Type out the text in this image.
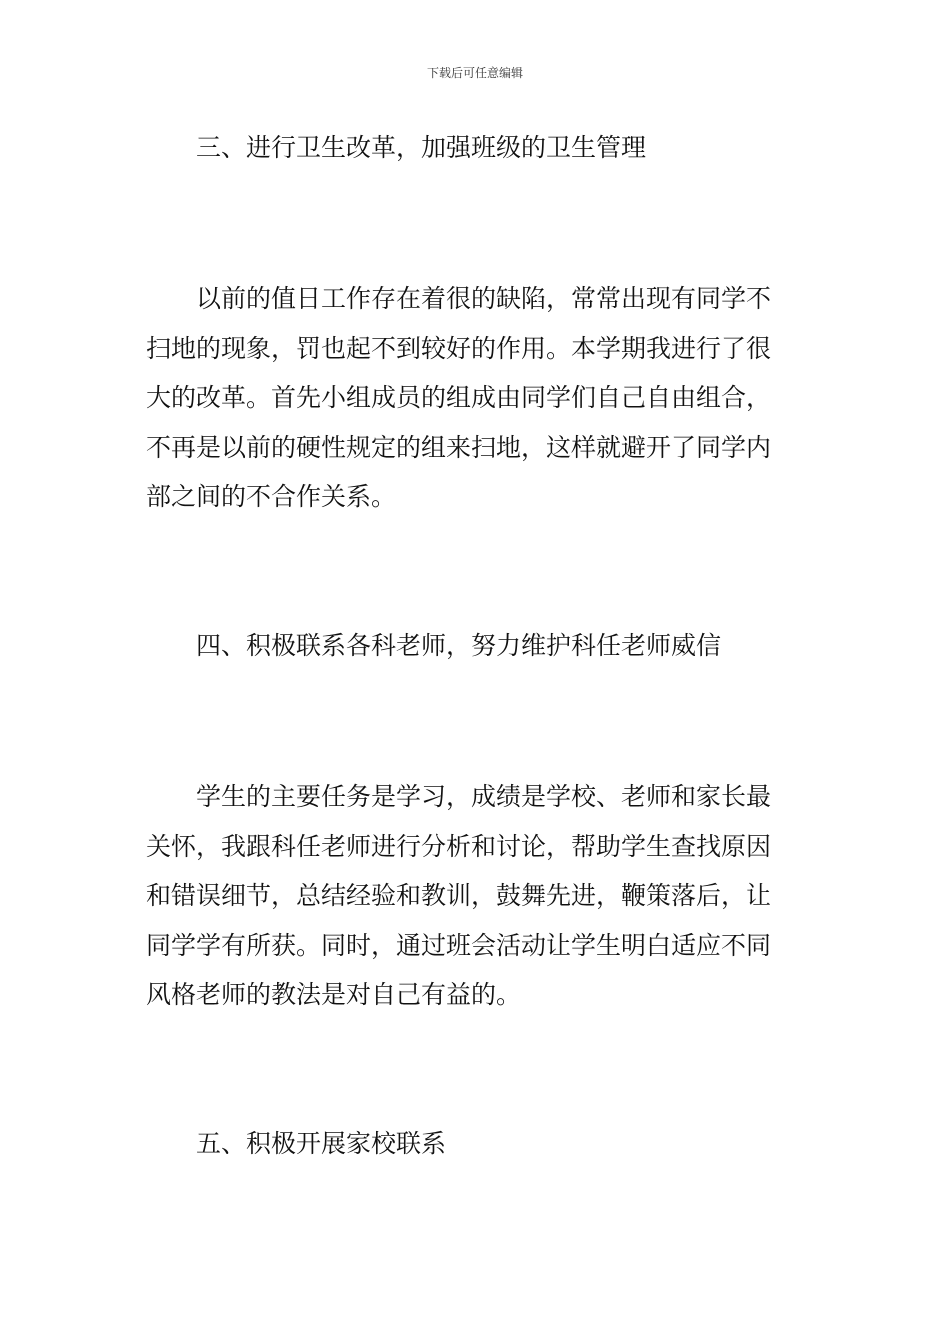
下载后可任意编辑
三、进行卫生改革，加强班级的卫生管理
以前的值日工作存在着很的缺陷，常常出现有同学不
扫地的现象，罚也起不到较好的作用。本学期我进行了很
大的改革。首先小组成员的组成由同学们自己自由组合，
不再是以前的硬性规定的组来扫地，这样就避开了同学内
部之间的不合作关系。
四、积极联系各科老师，努力维护科任老师威信
学生的主要任务是学习，成绩是学校、老师和家长最
关怀，我跟科任老师进行分析和讨论，帮助学生查找原因
和错误细节，总结经验和教训，鼓舞先进，鞭策落后，让
同学学有所获。同时，通过班会活动让学生明白适应不同
风格老师的教法是对自己有益的。
五、积极开展家校联系
